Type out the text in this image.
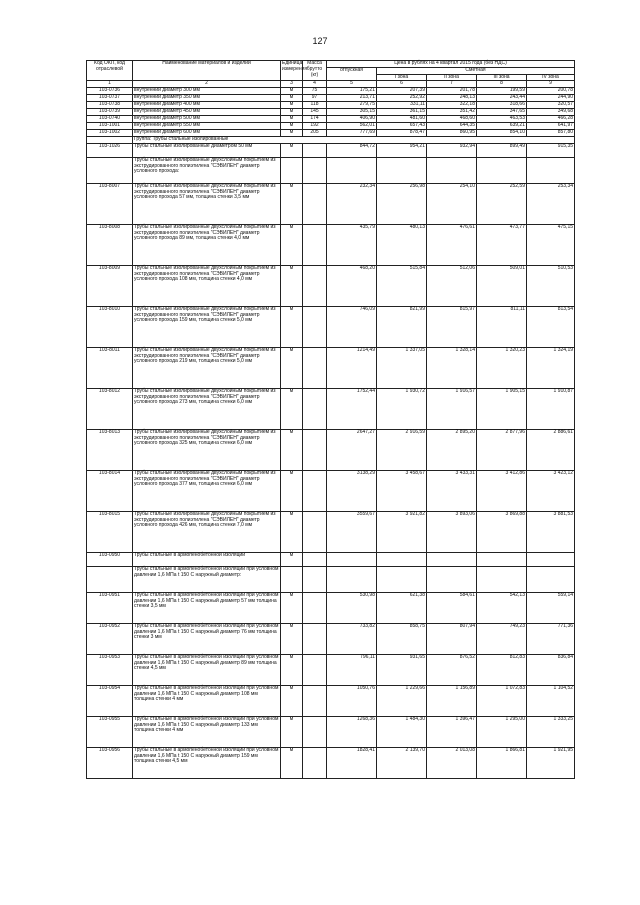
127
Код ОКП, код отраслевой	Наименование материалов и изделий	Единица измерения	Масса брутто (кг)	Цена в рублях на 4 квартал 2015 года (без НДС)				
				отпускная	Сметная			
					I зона	II зона	III зона	IV зона
1	2	3	4	5	6	7	8	9
103-0736	внутренний диаметр 300 мм	м	75	175,21	207,39	201,78	199,59	200,78
103-0737	внутренний диаметр 350 мм	м	97	213,71	252,92	248,13	243,44	244,90
103-0738	внутренний диаметр 400 мм	м	118	279,75	331,11	322,18	318,66	320,57
103-0739	внутренний диаметр 450 мм	м	145	305,15	361,15	351,42	347,65	349,68
103-0740	внутренний диаметр 500 мм	м	174	406,90	481,60	468,60	463,53	466,28
103-1001	внутренний диаметр 550 мм	м	192	562,01	657,43	644,35	639,21	641,97
103-1002	внутренний диаметр 600 мм	м	205	777,69	878,47	860,95	854,10	857,80
	Группа: Трубы стальные изолированные							
103-1026	Трубы стальные изолированные диаметром 50 мм	м		844,72	954,21	932,94	899,49	915,35
	Трубы стальные изолированные двухслойным покрытием из экструдированного полиэтилена "СЭВИЛЕН" диаметр условного прохода:							
103-8007	Трубы стальные изолированные двухслойным покрытием из экструдированного полиэтилена "СЭВИЛЕН" диаметр условного прохода 57 мм, толщина стенки 3,5 мм	м		232,34	256,98	254,10	252,59	253,34
103-8008	Трубы стальные изолированные двухслойным покрытием из экструдированного полиэтилена "СЭВИЛЕН" диаметр условного прохода 89 мм, толщина стенки 4,0 мм	м		435,79	480,13	476,61	473,77	475,15
103-8009	Трубы стальные изолированные двухслойным покрытием из экструдированного полиэтилена "СЭВИЛЕН" диаметр условного прохода 108 мм, толщина стенки 4,0 мм	м		468,20	515,84	512,06	509,01	510,53
103-8010	Трубы стальные изолированные двухслойным покрытием из экструдированного полиэтилена "СЭВИЛЕН" диаметр условного прохода 159 мм, толщина стенки 5,0 мм	м		746,09	821,99	815,97	811,11	813,54
103-8011	Трубы стальные изолированные двухслойным покрытием из экструдированного полиэтилена "СЭВИЛЕН" диаметр условного прохода 219 мм, толщина стенки 5,0 мм	м		1214,49	1 337,05	1 328,14	1 320,23	1 324,19
103-8012	Трубы стальные изолированные двухслойным покрытием из экструдированного полиэтилена "СЭВИЛЕН" диаметр условного прохода 273 мм, толщина стенки 6,0 мм	м		1752,44	1 930,72	1 916,57	1 905,15	1 910,87
103-8013	Трубы стальные изолированные двухслойным покрытием из экструдированного полиэтилена "СЭВИЛЕН" диаметр условного прохода 325 мм, толщина стенки 6,0 мм	м		2647,27	2 916,59	2 895,20	2 877,96	2 886,61
103-8014	Трубы стальные изолированные двухслойным покрытием из экструдированного полиэтилена "СЭВИЛЕН" диаметр условного прохода 377 мм, толщина стенки 6,0 мм	м		3138,29	3 458,67	3 433,31	3 412,86	3 423,12
103-8015	Трубы стальные изолированные двухслойным покрытием из экструдированного полиэтилена "СЭВИЛЕН" диаметр условного прохода 426 мм, толщина стенки 7,0 мм	м		3559,67	3 921,82	3 893,06	3 869,88	3 881,53
103-0950	Трубы стальные в армопенобетонной изоляции	м						
	Трубы стальные в армопенобетонной изоляции при условном давлении 1,6 МПа t 150 С наружный диаметр:							
103-0951	Трубы стальные в армопенобетонной изоляции при условном давлении 1,6 МПа t 150 С наружный диаметр 57 мм толщина стенки 3,5 мм	м		530,98	621,38	584,61	542,13	559,14
103-0952	Трубы стальные в армопенобетонной изоляции при условном давлении 1,6 МПа t 150 С наружный диаметр 76 мм толщина стенки 3 мм	м		733,82	858,75	807,94	749,23	771,36
103-0953	Трубы стальные в армопенобетонной изоляции при условном давлении 1,6 МПа t 150 С наружный диаметр 89 мм толщина стенки 4,5 мм	м		796,11	931,65	876,52	812,83	836,84
103-0954	Трубы стальные в армопенобетонной изоляции при условном давлении 1,6 МПа t 150 С наружный диаметр 108 мм толщина стенки 4 мм	м		1050,76	1 229,66	1 156,89	1 072,83	1 104,52
103-0955	Трубы стальные в армопенобетонной изоляции при условном давлении 1,6 МПа t 150 С наружный диаметр 133 мм толщина стенки 4 мм	м		1268,36	1 484,30	1 396,47	1 295,00	1 333,25
103-0956	Трубы стальные в армопенобетонной изоляции при условном давлении 1,6 МПа t 150 С наружный диаметр 159 мм толщина стенки 4,5 мм	м		1828,41	2 139,70	2 013,08	1 866,81	1 921,95
